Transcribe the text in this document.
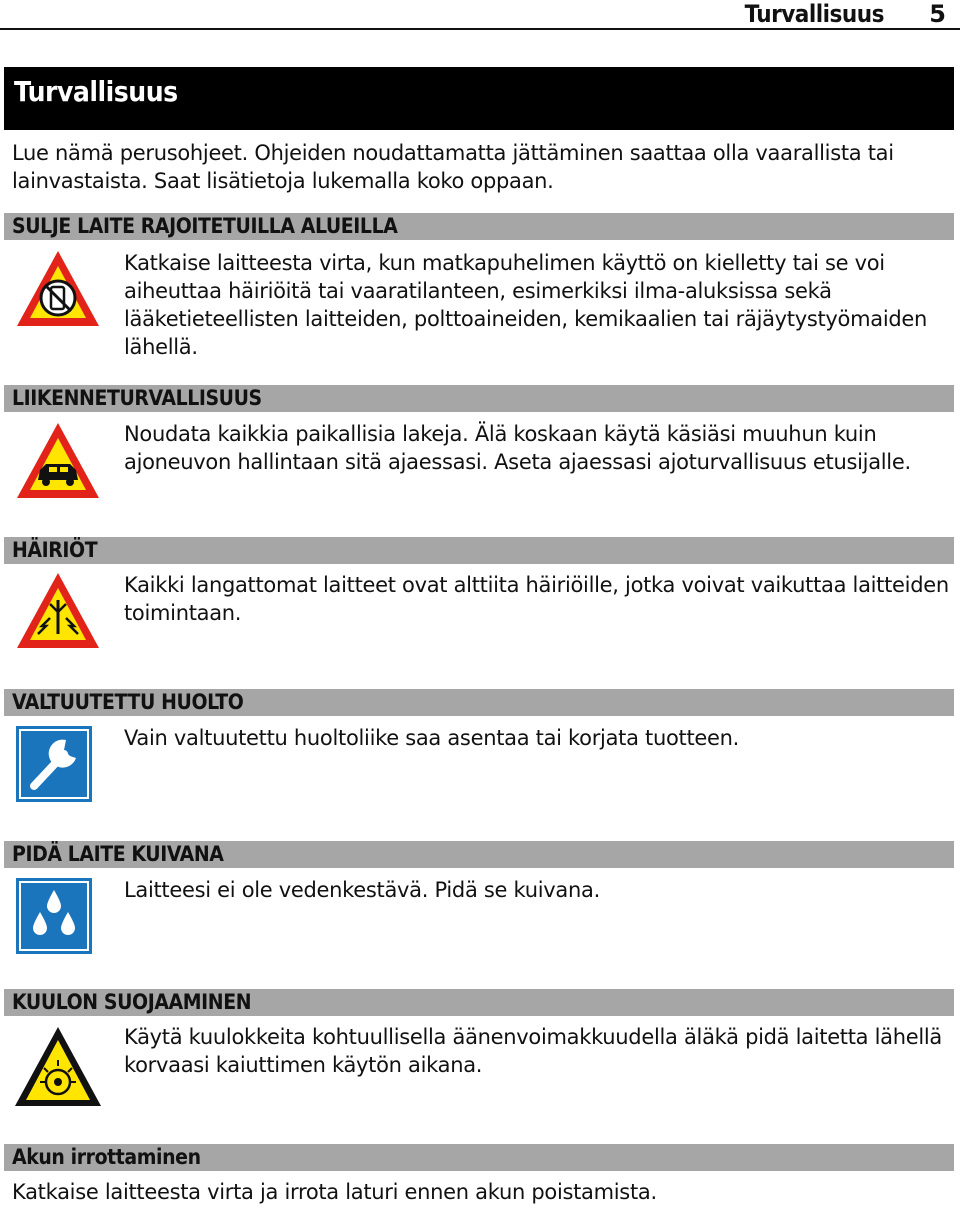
Turvallisuus 5
Turvallisuus
Lue nämä perusohjeet. Ohjeiden noudattamatta jättäminen saattaa olla vaarallista tai lainvastaista. Saat lisätietoja lukemalla koko oppaan.
SULJE LAITE RAJOITETUILLA ALUEILLA
Katkaise laitteesta virta, kun matkapuhelimen käyttö on kielletty tai se voi aiheuttaa häiriöitä tai vaaratilanteen, esimerkiksi ilma-aluksissa sekä lääketieteellisten laitteiden, polttoaineiden, kemikaalien tai räjäytystyömaiden lähellä.
LIIKENNETURVALLISUUS
Noudata kaikkia paikallisia lakeja. Älä koskaan käytä käsiäsi muuhun kuin ajoneuvon hallintaan sitä ajaessasi. Aseta ajaessasi ajoturvallisuus etusijalle.
HÄIRIÖT
Kaikki langattomat laitteet ovat alttiita häiriöille, jotka voivat vaikuttaa laitteiden toimintaan.
VALTUUTETTU HUOLTO
Vain valtuutettu huoltoliike saa asentaa tai korjata tuotteen.
PIDÄ LAITE KUIVANA
Laitteesi ei ole vedenkestävä. Pidä se kuivana.
KUULON SUOJAAMINEN
Käytä kuulokkeita kohtuullisella äänenvoimakkuudella äläkä pidä laitetta lähellä korvaasi kaiuttimen käytön aikana.
Akun irrottaminen
Katkaise laitteesta virta ja irrota laturi ennen akun poistamista.
